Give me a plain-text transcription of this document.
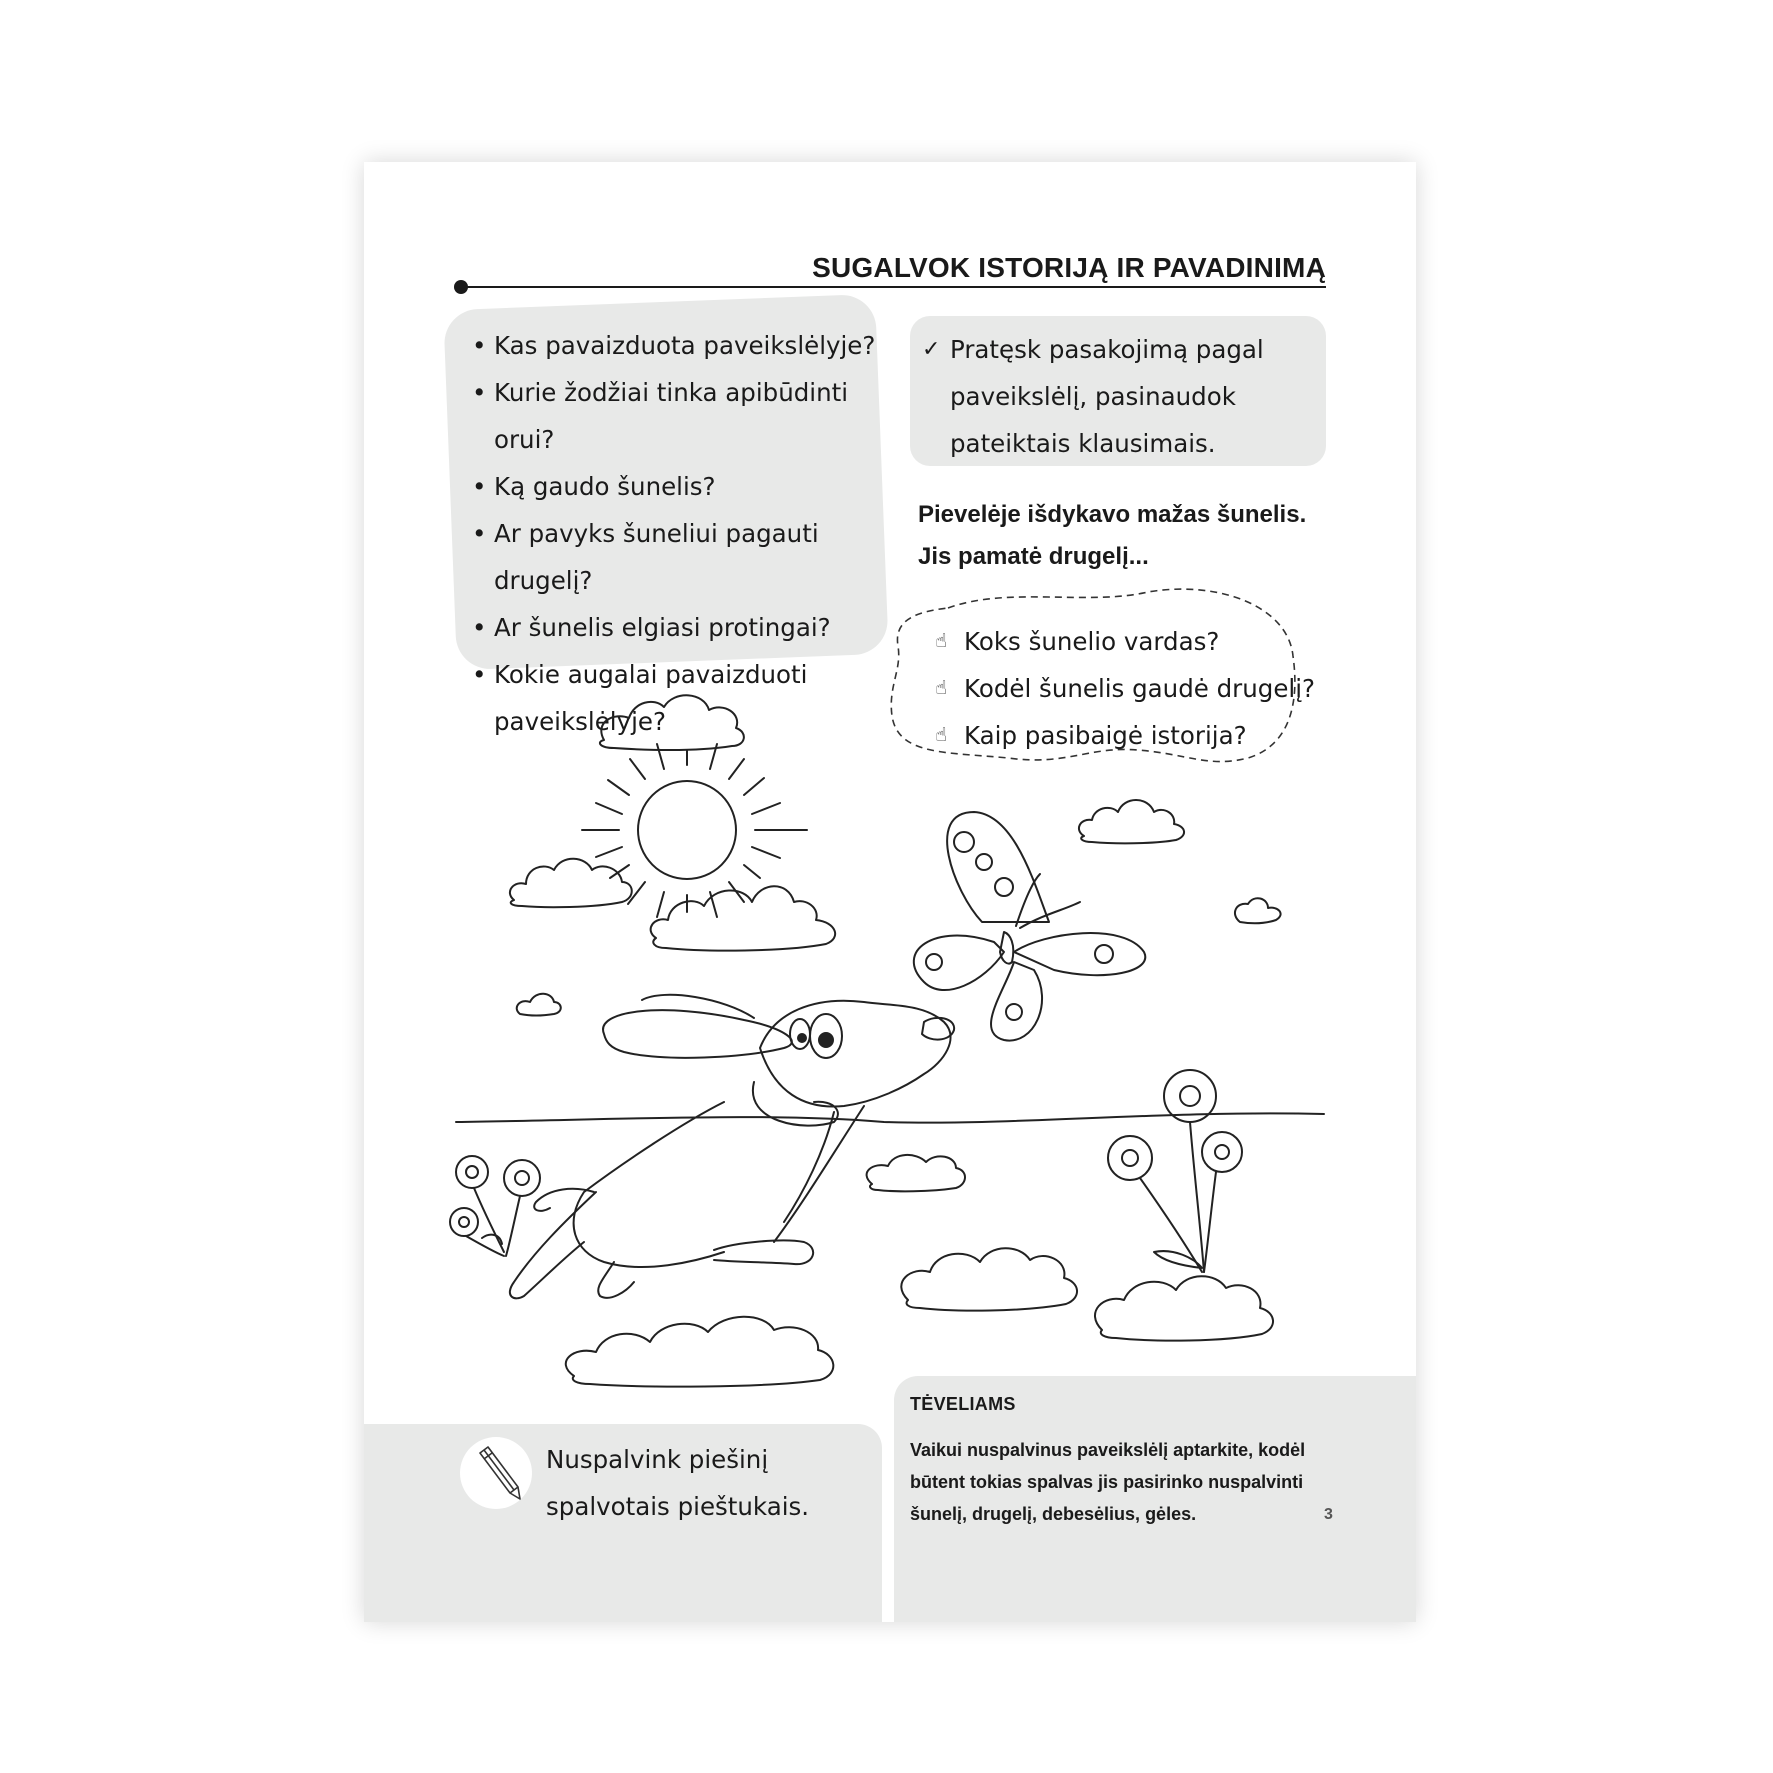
SUGALVOK ISTORIJĄ IR PAVADINIMĄ
• Kas pavaizduota paveikslėlyje?
• Kurie žodžiai tinka apibūdinti orui?
• Ką gaudo šunelis?
• Ar pavyks šuneliui pagauti drugelį?
• Ar šunelis elgiasi protingai?
• Kokie augalai pavaizduoti paveikslėlyje?
✓ Pratęsk pasakojimą pagal paveikslėlį, pasinaudok pateiktais klausimais.
Pievelėje išdykavo mažas šunelis.
Jis pamatė drugelį...
☝ Koks šunelio vardas?
☝ Kodėl šunelis gaudė drugelį?
☝ Kaip pasibaigė istorija?
Nuspalvink piešinį spalvotais pieštukais.
TĖVELIAMS
Vaikui nuspalvinus paveikslėlį aptarkite, kodėl būtent tokias spalvas jis pasirinko nuspalvinti šunelį, drugelį, debesėlius, gėles.	3
